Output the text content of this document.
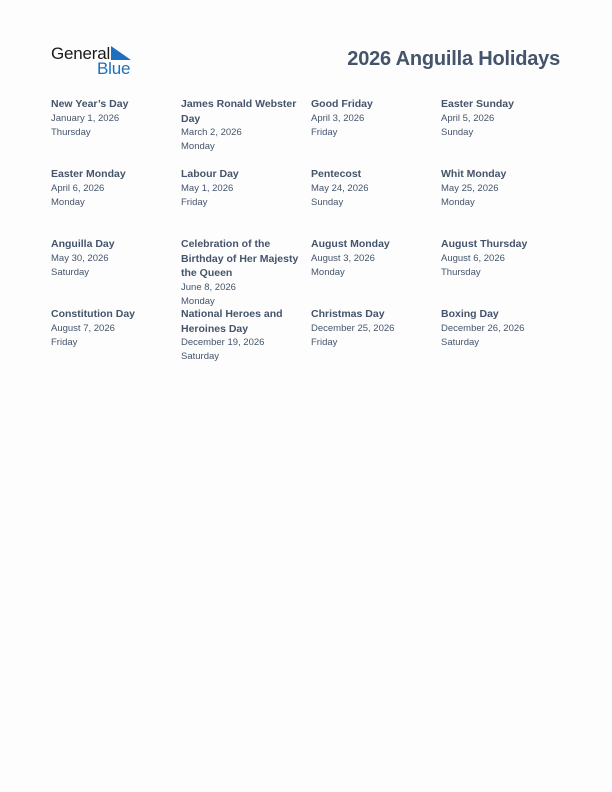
General
Blue	2026 Anguilla Holidays
New Year’s Day
January 1, 2026
Thursday
James Ronald Webster Day
March 2, 2026
Monday
Good Friday
April 3, 2026
Friday
Easter Sunday
April 5, 2026
Sunday
Easter Monday
April 6, 2026
Monday
Labour Day
May 1, 2026
Friday
Pentecost
May 24, 2026
Sunday
Whit Monday
May 25, 2026
Monday
Anguilla Day
May 30, 2026
Saturday
Celebration of the Birthday of Her Majesty the Queen
June 8, 2026
Monday
August Monday
August 3, 2026
Monday
August Thursday
August 6, 2026
Thursday
Constitution Day
August 7, 2026
Friday
National Heroes and Heroines Day
December 19, 2026
Saturday
Christmas Day
December 25, 2026
Friday
Boxing Day
December 26, 2026
Saturday
